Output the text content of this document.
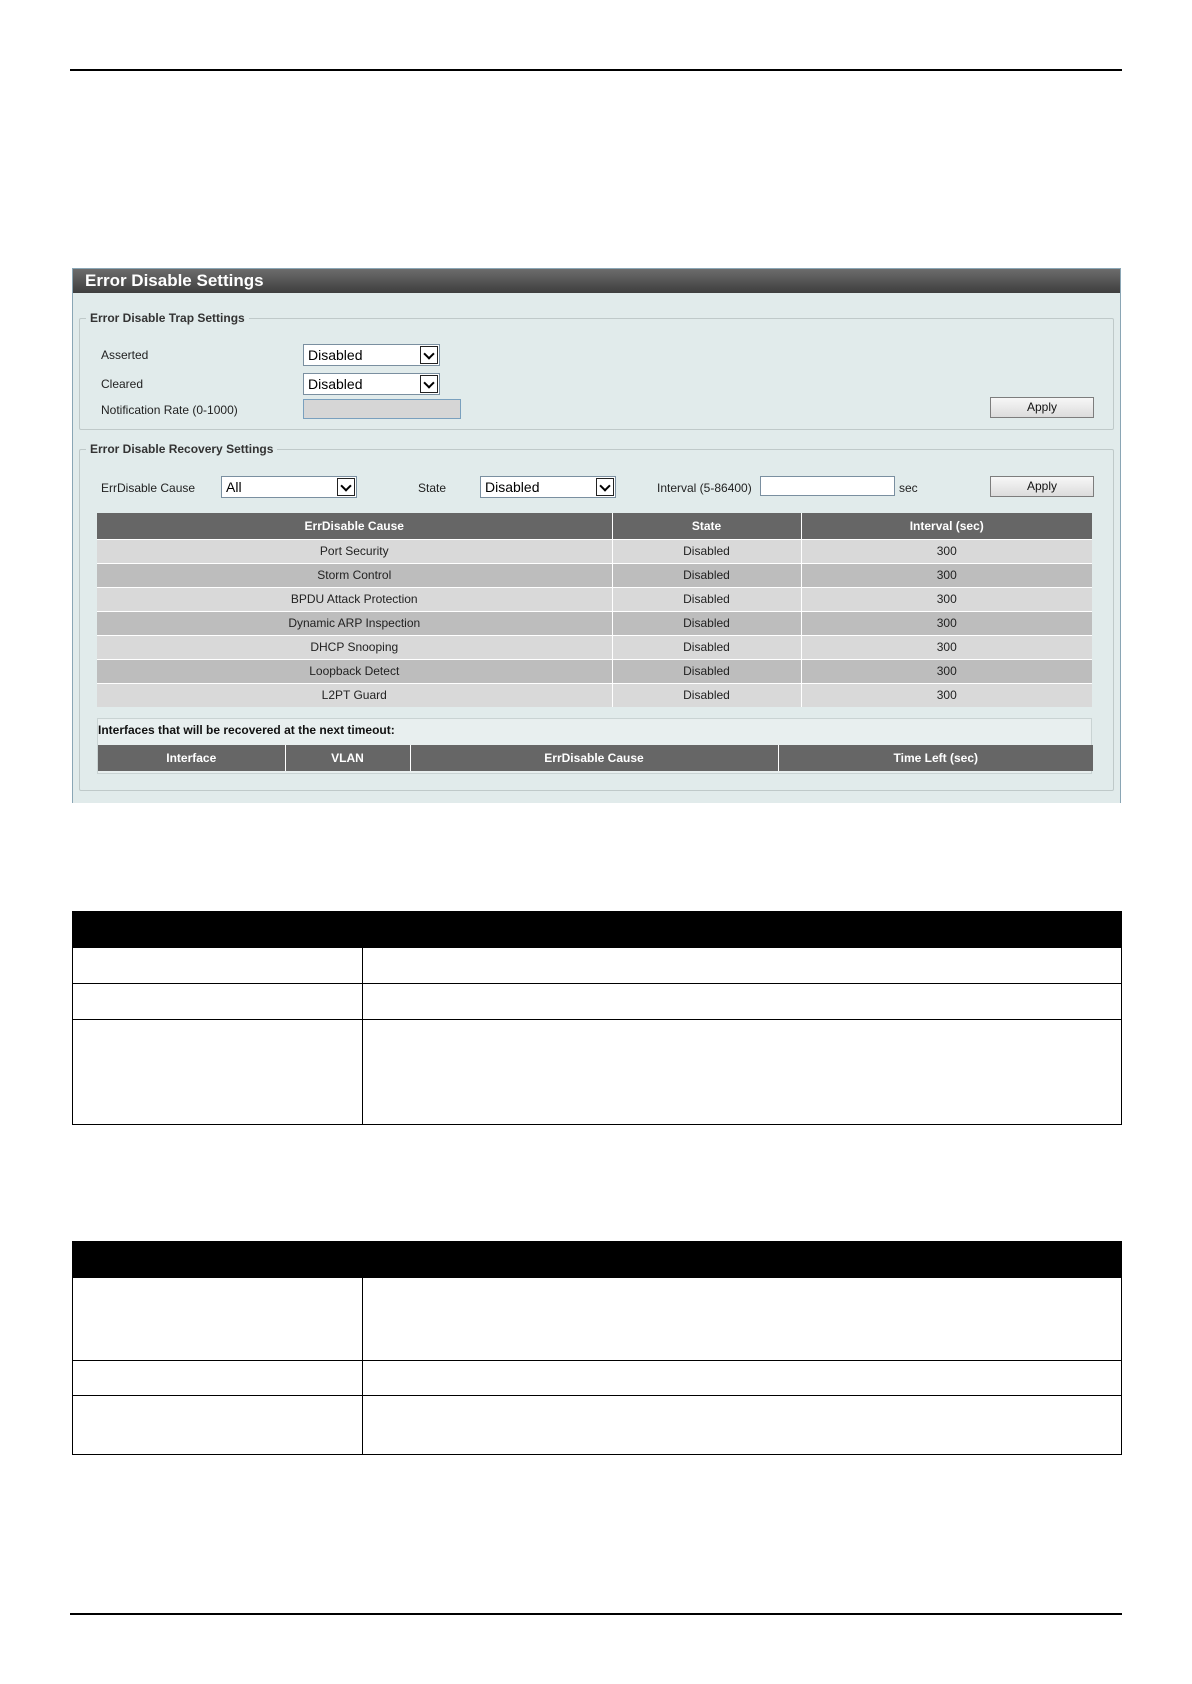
Error Disable Settings
Error Disable Trap Settings
Asserted	Disabled
Cleared	Disabled
Notification Rate (0-1000)	Apply
Error Disable Recovery Settings
ErrDisable Cause	All	State	Disabled	Interval (5-86400)	sec	Apply
ErrDisable Cause	State	Interval (sec)
Port Security	Disabled	300
Storm Control	Disabled	300
BPDU Attack Protection	Disabled	300
Dynamic ARP Inspection	Disabled	300
DHCP Snooping	Disabled	300
Loopback Detect	Disabled	300
L2PT Guard	Disabled	300
Interfaces that will be recovered at the next timeout:
Interface	VLAN	ErrDisable Cause	Time Left (sec)
